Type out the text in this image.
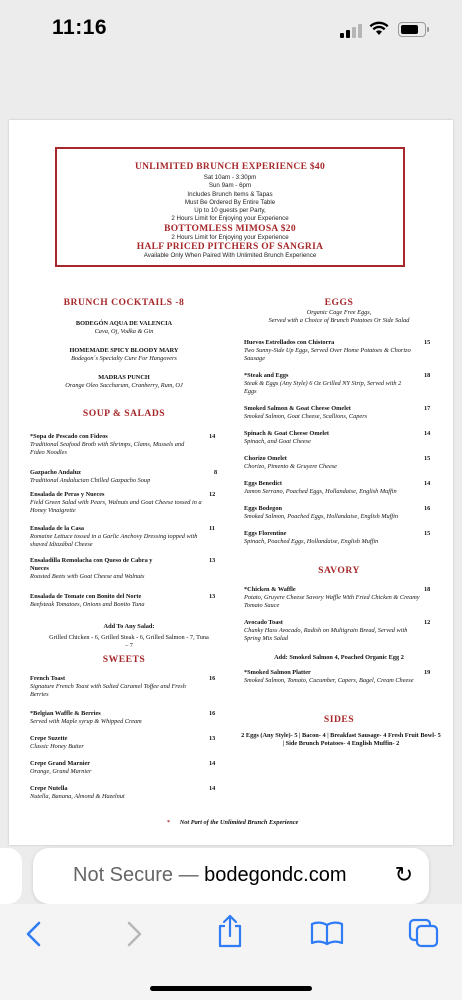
11:16
UNLIMITED BRUNCH EXPERIENCE $40
Sat 10am - 3:30pm
Sun 9am - 6pm
Includes Brunch Items & Tapas
Must Be Ordered By Entire Table
Up to 10 guests per Party,
2 Hours Limit for Enjoying your Experience
BOTTOMLESS MIMOSA $20
2 Hours Limit for Enjoying your Experience
HALF PRICED PITCHERS OF SANGRIA
Available Only When Paired With Unlimited Brunch Experience
BRUNCH COCKTAILS -8
BODEGÓN AQUA DE VALENCIA
Cava, Oj, Vodka & Gin
HOMEMADE SPICY BLOODY MARY
Bodegon´s Specialty Cure For Hangovers
MADRAS PUNCH
Orange Oleo Saccharum, Cranberry, Rum, OJ
SOUP & SALADS
*Sopa de Pescado con Fideos
Traditional Seafood Broth with Shrimps, Clams, Mussels and Fideo Noodles
14
Gazpacho Andaluz
Traditional Andalucian Chilled Gazpacho Soup
8
Ensalada de Peras y Nueces
Field Green Salad with Pears, Walnuts and Goat Cheese tossed in a Honey Vinaigrette
12
Ensalada de la Casa
Romaine Lettuce tossed in a Garlic Anchovy Dressing topped with shaved Idiazábal Cheese
11
Ensaladilla Remolacha con Queso de Cabra y Nueces
Roasted Beets with Goat Cheese and Walnuts
13
Ensalada de Tomate con Bonito del Norte
Beefsteak Tomatoes, Onions and Bonito Tuna
13
Add To Any Salad:
Grilled Chicken - 6, Grilled Steak - 6, Grilled Salmon - 7, Tuna – 7
SWEETS
French Toast
Signature French Toast with Salted Caramel Toffee and Fresh Berries
16
*Belgian Waffle & Berries
Served with Maple syrup & Whipped Cream
16
Crepe Suzette
Classic Honey Butter
13
Crepe Grand Marnier
Orange, Grand Marnier
14
Crepe Nutella
Nutella, Banana, Almond & Hazelnut
14
EGGS
Organic Cage Free Eggs,
Served with a Choice of Brunch Potatoes Or Side Salad
Huevos Estrellados con Chistorra
Two Sunny-Side Up Eggs, Served Over Home Potatoes & Chorizo Sausage
15
*Steak and Eggs
Steak & Eggs (Any Style) 6 Oz Grilled NY Strip, Served with 2 Eggs
18
Smoked Salmon & Goat Cheese Omelet
Smoked Salmon, Goat Cheese, Scallions, Capers
17
Spinach & Goat Cheese Omelet
Spinach, and Goat Cheese
14
Chorizo Omelet
Chorizo, Pimento & Gruyere Cheese
15
Eggs Benedict
Jamon Serrano, Poached Eggs, Hollandaise, English Muffin
14
Eggs Bodegon
Smoked Salmon, Poached Eggs, Hollandaise, English Muffin
16
Eggs Florentine
Spinach, Poached Eggs, Hollandaise, English Muffin
15
SAVORY
*Chicken & Waffle
Potato, Gruyere Cheese Savory Waffle With Fried Chicken & Creamy Tomato Sauce
18
Avocado Toast
Chunky Hass Avocado, Radish on Multigrain Bread, Served with Spring Mix Salad
12
Add: Smoked Salmon 4, Poached Organic Egg 2
*Smoked Salmon Platter
Smoked Salmon, Tomato, Cucumber, Capers, Bagel, Cream Cheese
19
SIDES
2 Eggs (Any Style)- 5 | Bacon- 4 | Breakfast Sausage- 4 Fresh Fruit Bowl- 5 | Side Brunch Potatoes- 4 English Muffin- 2
* Not Part of the Unlimited Brunch Experience
Not Secure — bodegondc.com ↻
